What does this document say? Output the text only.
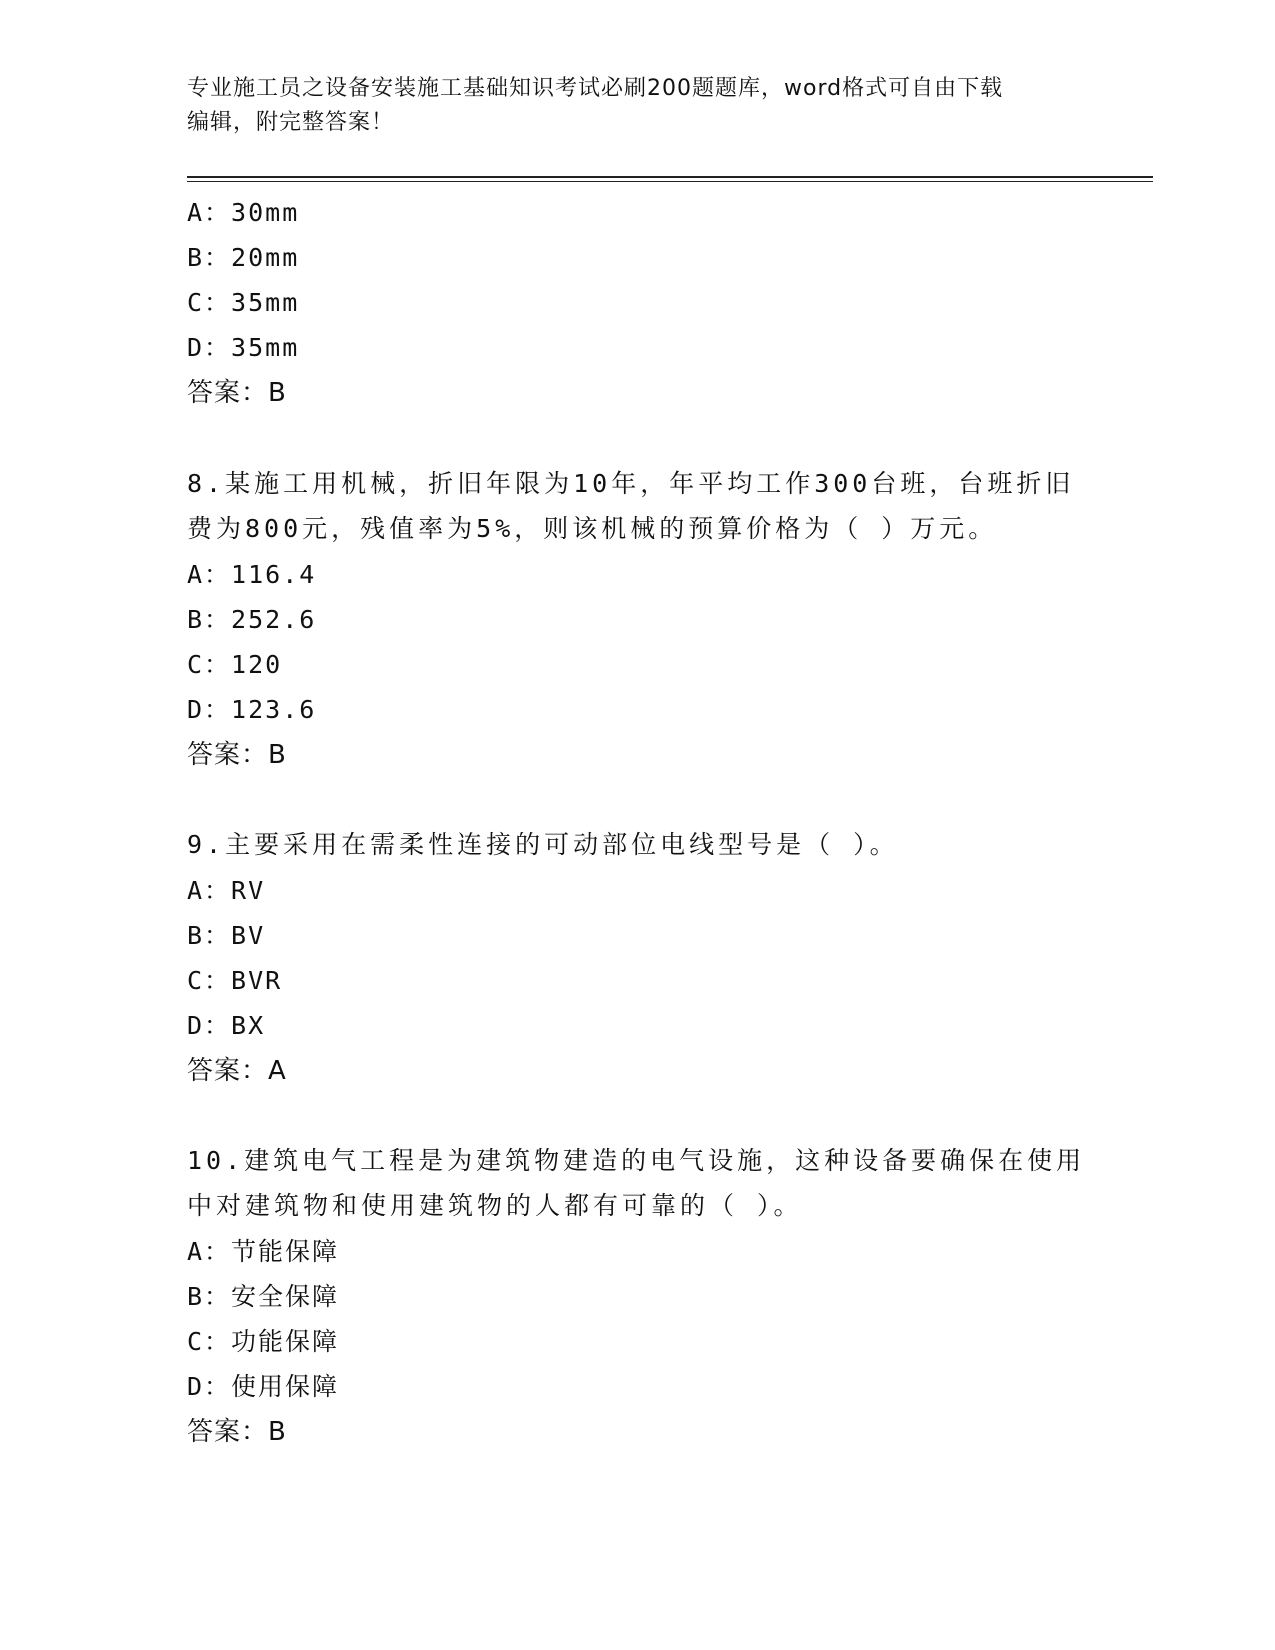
专业施工员之设备安装施工基础知识考试必刷200题题库，word格式可自由下载
编辑，附完整答案！
A：30mm
B：20mm
C：35mm
D：35mm
答案：B
8.某施工用机械，折旧年限为10年，年平均工作300台班，台班折旧
费为800元，残值率为5%，则该机械的预算价格为（ ）万元。
A：116.4
B：252.6
C：120
D：123.6
答案：B
9.主要采用在需柔性连接的可动部位电线型号是（ ）。
A：RV
B：BV
C：BVR
D：BX
答案：A
10.建筑电气工程是为建筑物建造的电气设施，这种设备要确保在使用
中对建筑物和使用建筑物的人都有可靠的（ ）。
A：节能保障
B：安全保障
C：功能保障
D：使用保障
答案：B
